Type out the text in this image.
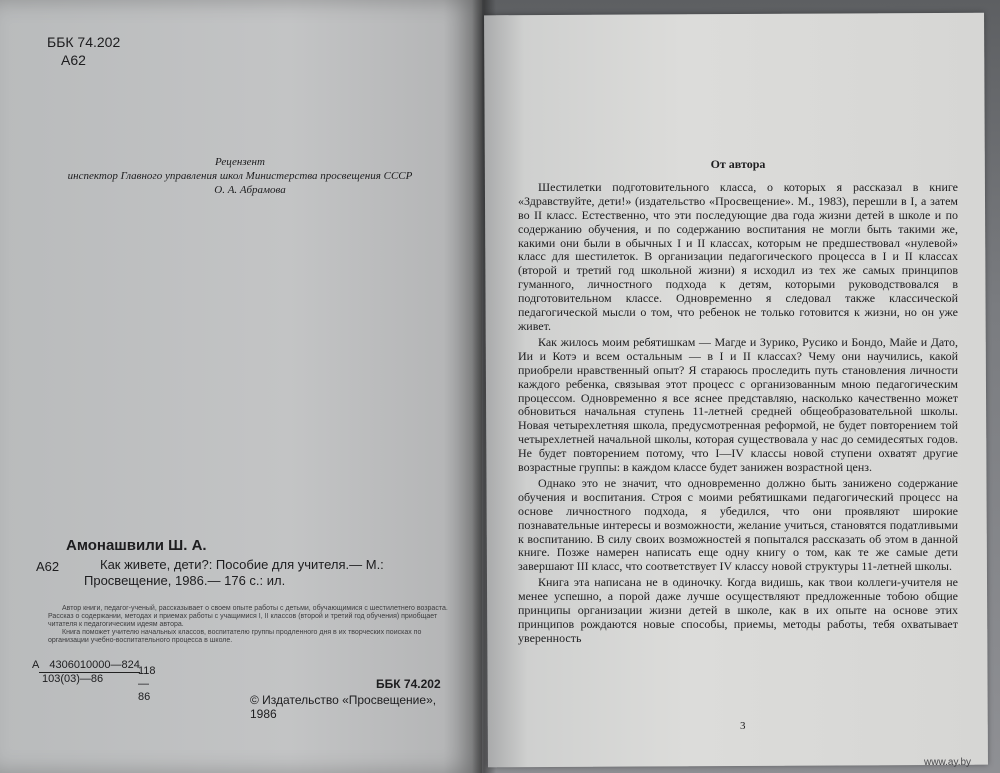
ББК 74.202
А62
Рецензент
инспектор Главного управления школ Министерства просвещения СССР
О. А. Абрамова
Амонашвили Ш. А.
А62	Как живете, дети?: Пособие для учителя.— М.: Просвещение, 1986.— 176 с.: ил.

Автор книги, педагог-ученый, рассказывает о своем опыте работы с детьми, обучающимися с шестилетнего возраста. Рассказ о содержании, методах и приемах работы с учащимися I, II классов (второй и третий год обучения) приобщает читателя к педагогическим идеям автора.

Книга поможет учителю начальных классов, воспитателю группы продленного дня в их творческих поисках по организации учебно-воспитательного процесса в школе.

А 4306010000—824
103(03)—86
118—86
ББК 74.202
© Издательство «Просвещение», 1986
От автора

Шестилетки подготовительного класса, о которых я рассказал в книге «Здравствуйте, дети!» (издательство «Просвещение». М., 1983), перешли в I, а затем во II класс. Естественно, что эти последующие два года жизни детей в школе и по содержанию обучения, и по содержанию воспитания не могли быть такими же, какими они были в обычных I и II классах, которым не предшествовал «нулевой» класс для шестилеток. В организации педагогического процесса в I и II классах (второй и третий год школьной жизни) я исходил из тех же самых принципов гуманного, личностного подхода к детям, которыми руководствовался в подготовительном классе. Одновременно я следовал также классической педагогической мысли о том, что ребенок не только готовится к жизни, но он уже живет.

Как жилось моим ребятишкам — Магде и Зурико, Русико и Бондо, Майе и Дато, Ии и Котэ и всем остальным — в I и II классах? Чему они научились, какой приобрели нравственный опыт? Я стараюсь проследить путь становления личности каждого ребенка, связывая этот процесс с организованным мною педагогическим процессом. Одновременно я все яснее представляю, насколько качественно может обновиться начальная ступень 11-летней средней общеобразовательной школы. Новая четырехлетняя школа, предусмотренная реформой, не будет повторением той четырехлетней начальной школы, которая существовала у нас до семидесятых годов. Не будет повторением потому, что I—IV классы новой ступени охватят другие возрастные группы: в каждом классе будет занижен возрастной ценз.

Однако это не значит, что одновременно должно быть занижено содержание обучения и воспитания. Строя с моими ребятишками педагогический процесс на основе личностного подхода, я убедился, что они проявляют широкие познавательные интересы и возможности, желание учиться, становятся податливыми к воспитанию. В силу своих возможностей я попытался рассказать об этом в данной книге. Позже намерен написать еще одну книгу о том, как те же самые дети завершают III класс, что соответствует IV классу новой структуры 11-летней школы.

Книга эта написана не в одиночку. Когда видишь, как твои коллеги-учителя не менее успешно, а порой даже лучше осуществляют предложенные тобою общие принципы организации жизни детей в школе, как в их опыте на основе этих принципов рождаются новые способы, приемы, методы работы, тебя охватывает уверенность

3
www.ay.by
